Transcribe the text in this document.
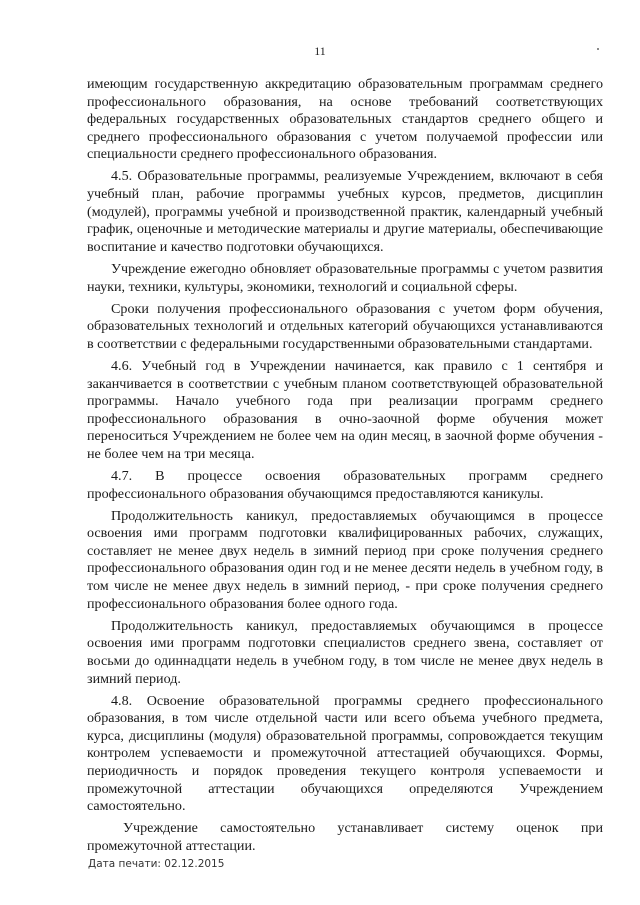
11

имеющим государственную аккредитацию образовательным программам среднего профессионального образования, на основе требований соответствующих федеральных государственных образовательных стандартов среднего общего и среднего профессионального образования с учетом получаемой профессии или специальности среднего профессионального образования.

4.5. Образовательные программы, реализуемые Учреждением, включают в себя учебный план, рабочие программы учебных курсов, предметов, дисциплин (модулей), программы учебной и производственной практик, календарный учебный график, оценочные и методические материалы и другие материалы, обеспечивающие воспитание и качество подготовки обучающихся.

Учреждение ежегодно обновляет образовательные программы с учетом развития науки, техники, культуры, экономики, технологий и социальной сферы.

Сроки получения профессионального образования с учетом форм обучения, образовательных технологий и отдельных категорий обучающихся устанавливаются в соответствии с федеральными государственными образовательными стандартами.

4.6. Учебный год в Учреждении начинается, как правило с 1 сентября и заканчивается в соответствии с учебным планом соответствующей образовательной программы. Начало учебного года при реализации программ среднего профессионального образования в очно-заочной форме обучения может переноситься Учреждением не более чем на один месяц, в заочной форме обучения - не более чем на три месяца.

4.7. В процессе освоения образовательных программ среднего профессионального образования обучающимся предоставляются каникулы.

Продолжительность каникул, предоставляемых обучающимся в процессе освоения ими программ подготовки квалифицированных рабочих, служащих, составляет не менее двух недель в зимний период при сроке получения среднего профессионального образования один год и не менее десяти недель в учебном году, в том числе не менее двух недель в зимний период, - при сроке получения среднего профессионального образования более одного года.

Продолжительность каникул, предоставляемых обучающимся в процессе освоения ими программ подготовки специалистов среднего звена, составляет от восьми до одиннадцати недель в учебном году, в том числе не менее двух недель в зимний период.

4.8. Освоение образовательной программы среднего профессионального образования, в том числе отдельной части или всего объема учебного предмета, курса, дисциплины (модуля) образовательной программы, сопровождается текущим контролем успеваемости и промежуточной аттестацией обучающихся. Формы, периодичность и порядок проведения текущего контроля успеваемости и промежуточной аттестации обучающихся определяются Учреждением самостоятельно.

Учреждение самостоятельно устанавливает систему оценок при промежуточной аттестации.

Дата печати: 02.12.2015
